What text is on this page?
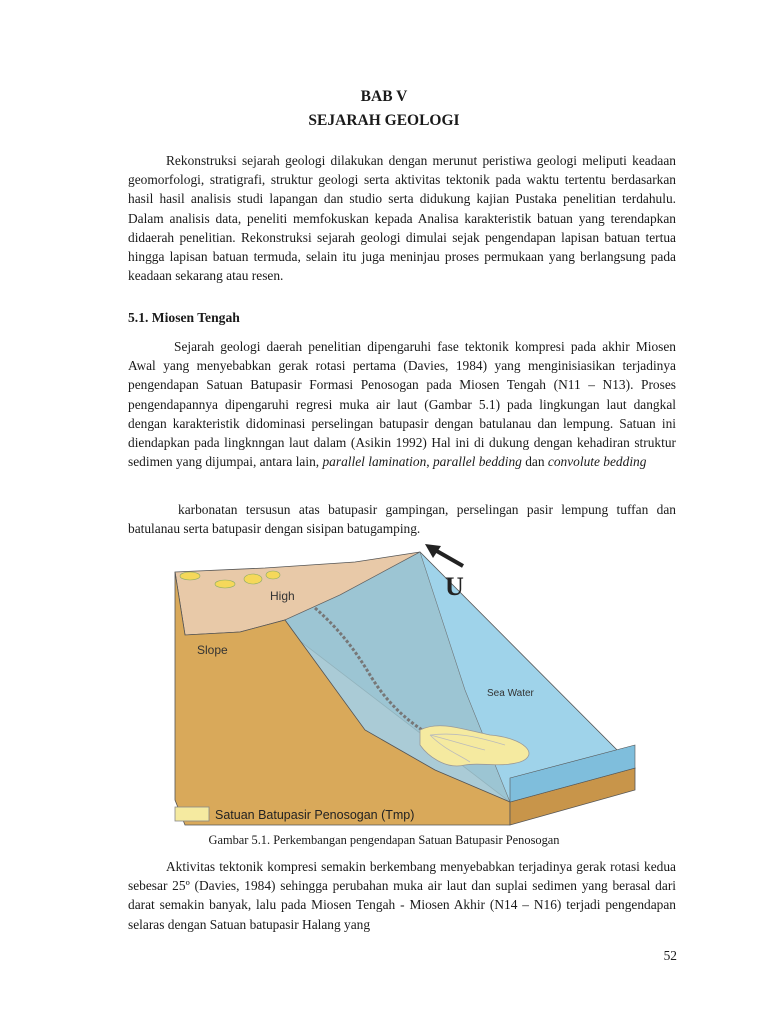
BAB V
SEJARAH GEOLOGI

Rekonstruksi sejarah geologi dilakukan dengan merunut peristiwa geologi meliputi keadaan geomorfologi, stratigrafi, struktur geologi serta aktivitas tektonik pada waktu tertentu berdasarkan hasil hasil analisis studi lapangan dan studio serta didukung kajian Pustaka penelitian terdahulu. Dalam analisis data, peneliti memfokuskan kepada Analisa karakteristik batuan yang terendapkan didaerah penelitian. Rekonstruksi sejarah geologi dimulai sejak pengendapan lapisan batuan tertua hingga lapisan batuan termuda, selain itu juga meninjau proses permukaan yang berlangsung pada keadaan sekarang atau resen.

5.1. Miosen Tengah

Sejarah geologi daerah penelitian dipengaruhi fase tektonik kompresi pada akhir Miosen Awal yang menyebabkan gerak rotasi pertama (Davies, 1984) yang menginisiasikan terjadinya pengendapan Satuan Batupasir Formasi Penosogan pada Miosen Tengah (N11 – N13). Proses pengendapannya dipengaruhi regresi muka air laut (Gambar 5.1) pada lingkungan laut dangkal dengan karakteristik didominasi perselingan batupasir dengan batulanau dan lempung. Satuan ini diendapkan pada lingknngan laut dalam (Asikin 1992) Hal ini di dukung dengan kehadiran struktur sedimen yang dijumpai, antara lain, parallel lamination, parallel bedding dan convolute bedding

karbonatan tersusun atas batupasir gampingan, perselingan pasir lempung tuffan dan batulanau serta batupasir dengan sisipan batugamping.

High
Slope
Sea Water
U
Satuan Batupasir Penosogan (Tmp)
Gambar 5.1. Perkembangan pengendapan Satuan Batupasir Penosogan

Aktivitas tektonik kompresi semakin berkembang menyebabkan terjadinya gerak rotasi kedua sebesar 25º (Davies, 1984) sehingga perubahan muka air laut dan suplai sedimen yang berasal dari darat semakin banyak, lalu pada Miosen Tengah - Miosen Akhir (N14 – N16) terjadi pengendapan selaras dengan Satuan batupasir Halang yang

52
